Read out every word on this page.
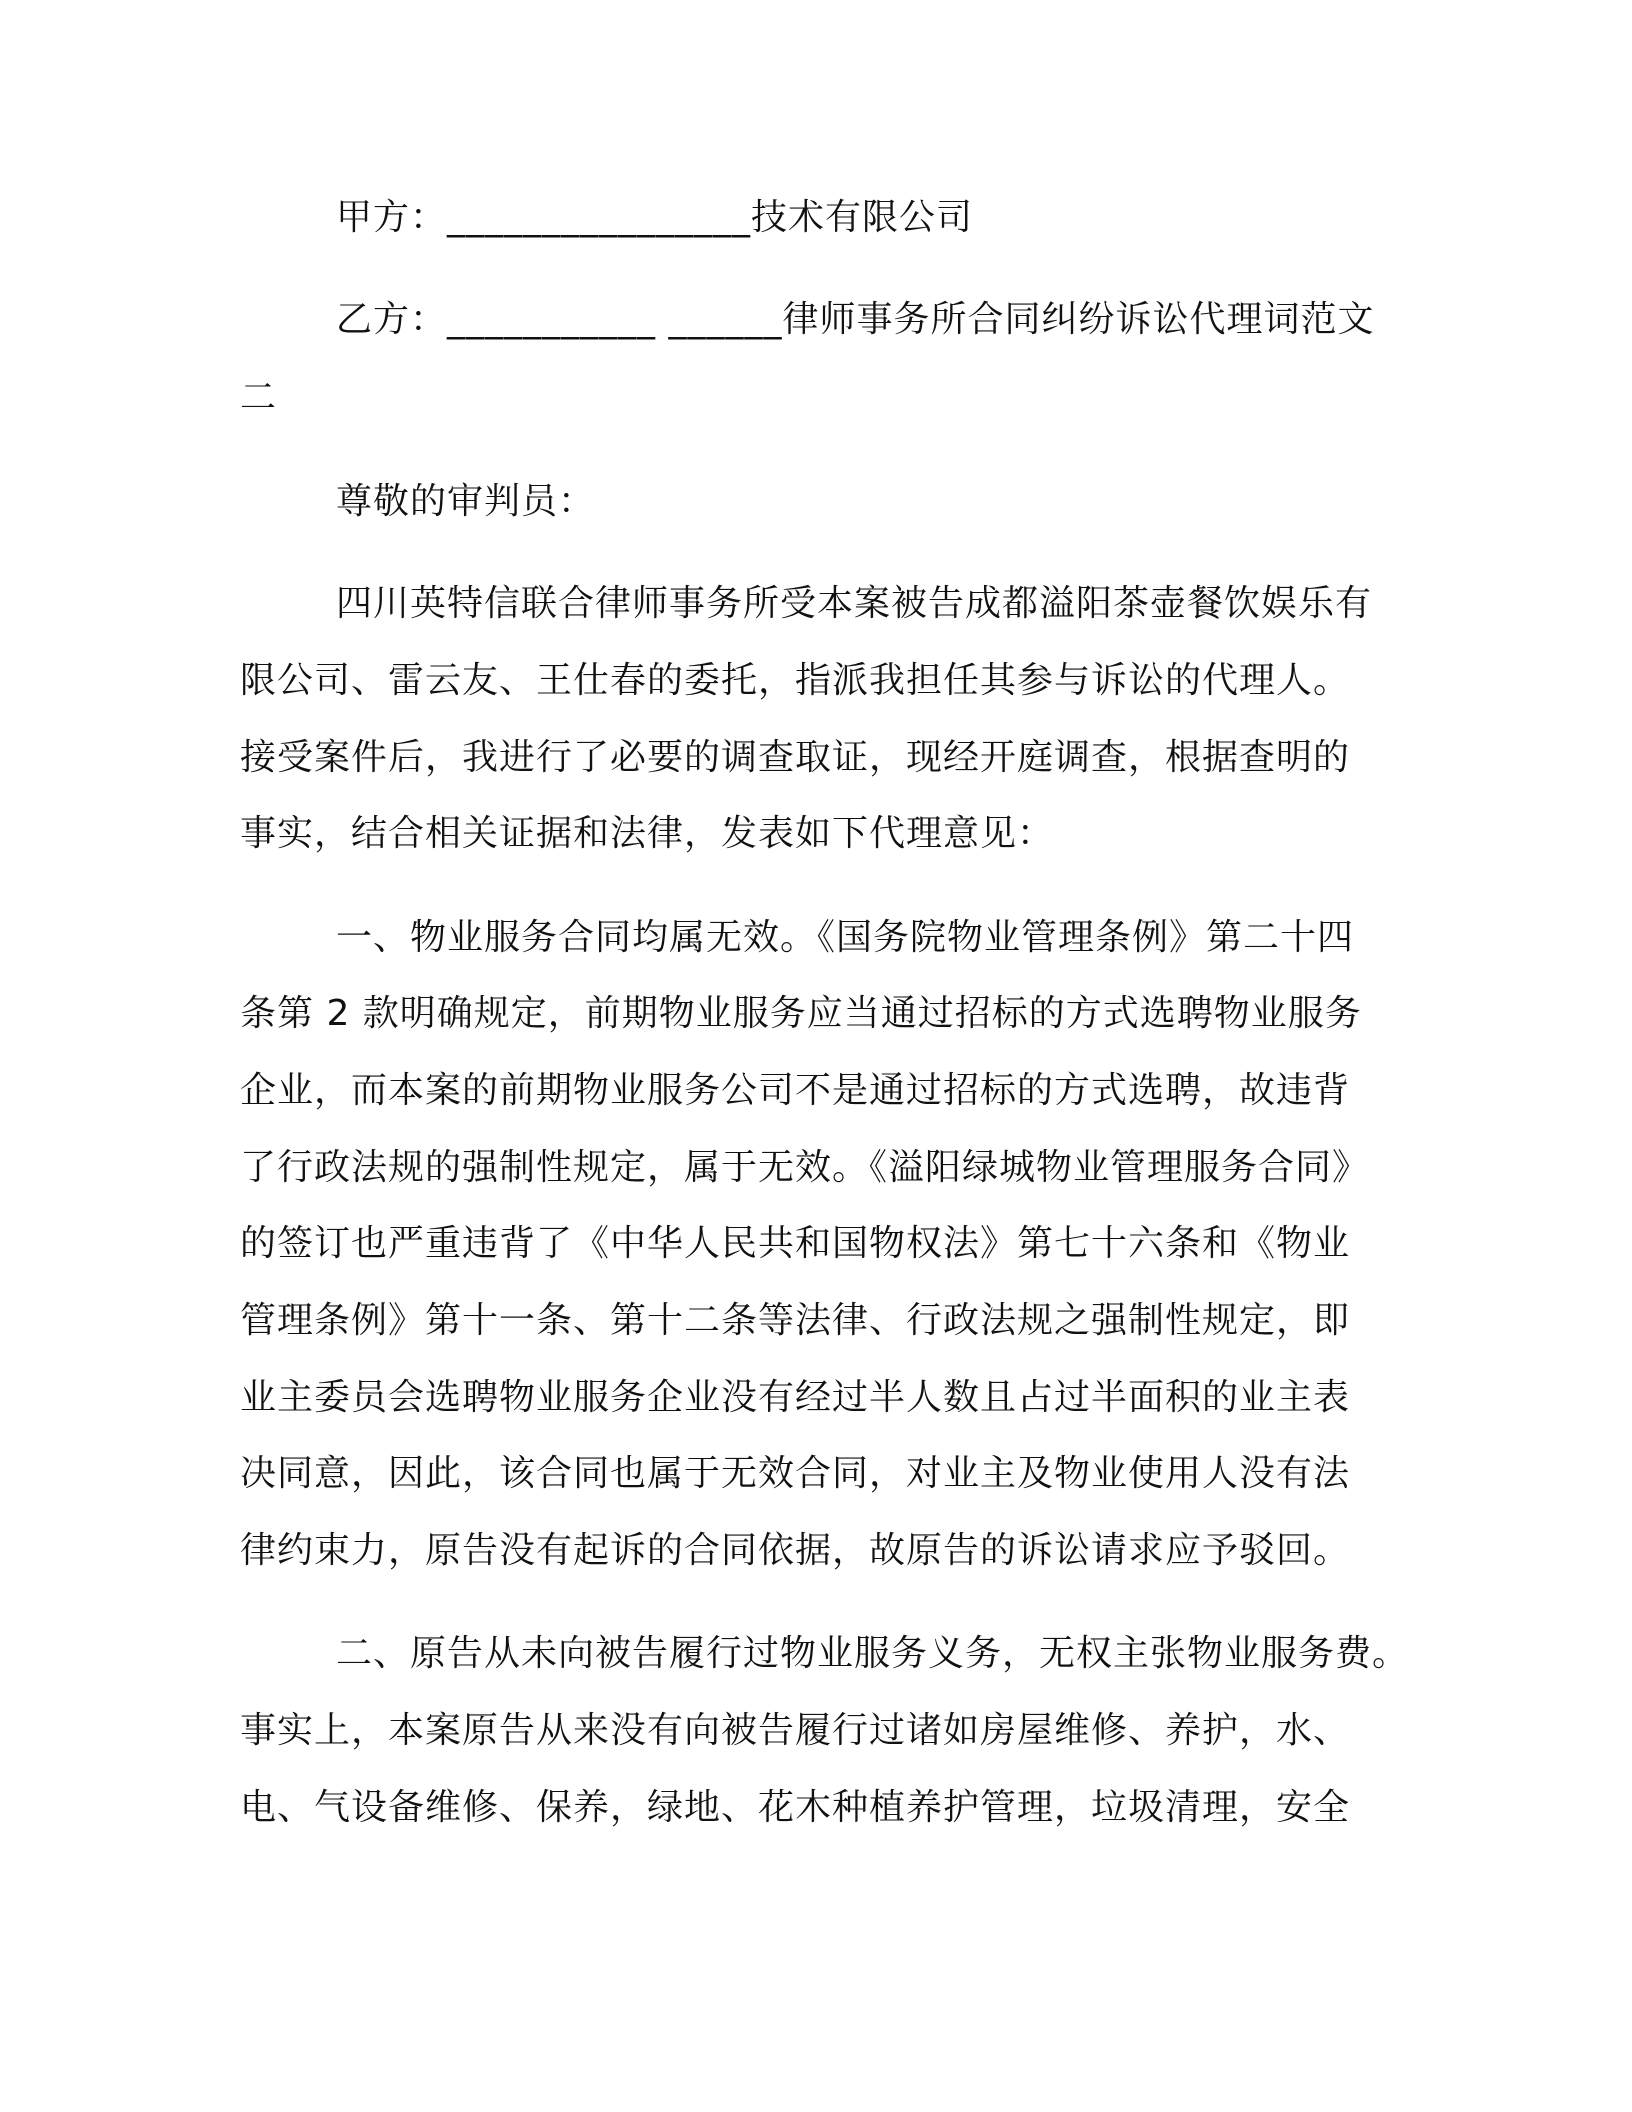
甲方：________________技术有限公司
乙方：___________ ______律师事务所合同纠纷诉讼代理词范文
二
尊敬的审判员：
四川英特信联合律师事务所受本案被告成都溢阳茶壶餐饮娱乐有
限公司、雷云友、王仕春的委托，指派我担任其参与诉讼的代理人。
接受案件后，我进行了必要的调查取证，现经开庭调查，根据查明的
事实，结合相关证据和法律，发表如下代理意见：
一、物业服务合同均属无效。《国务院物业管理条例》第二十四
条第 2 款明确规定，前期物业服务应当通过招标的方式选聘物业服务
企业，而本案的前期物业服务公司不是通过招标的方式选聘，故违背
了行政法规的强制性规定，属于无效。《溢阳绿城物业管理服务合同》
的签订也严重违背了《中华人民共和国物权法》第七十六条和《物业
管理条例》第十一条、第十二条等法律、行政法规之强制性规定，即
业主委员会选聘物业服务企业没有经过半人数且占过半面积的业主表
决同意，因此，该合同也属于无效合同，对业主及物业使用人没有法
律约束力，原告没有起诉的合同依据，故原告的诉讼请求应予驳回。
二、原告从未向被告履行过物业服务义务，无权主张物业服务费。
事实上，本案原告从来没有向被告履行过诸如房屋维修、养护，水、
电、气设备维修、保养，绿地、花木种植养护管理，垃圾清理，安全
